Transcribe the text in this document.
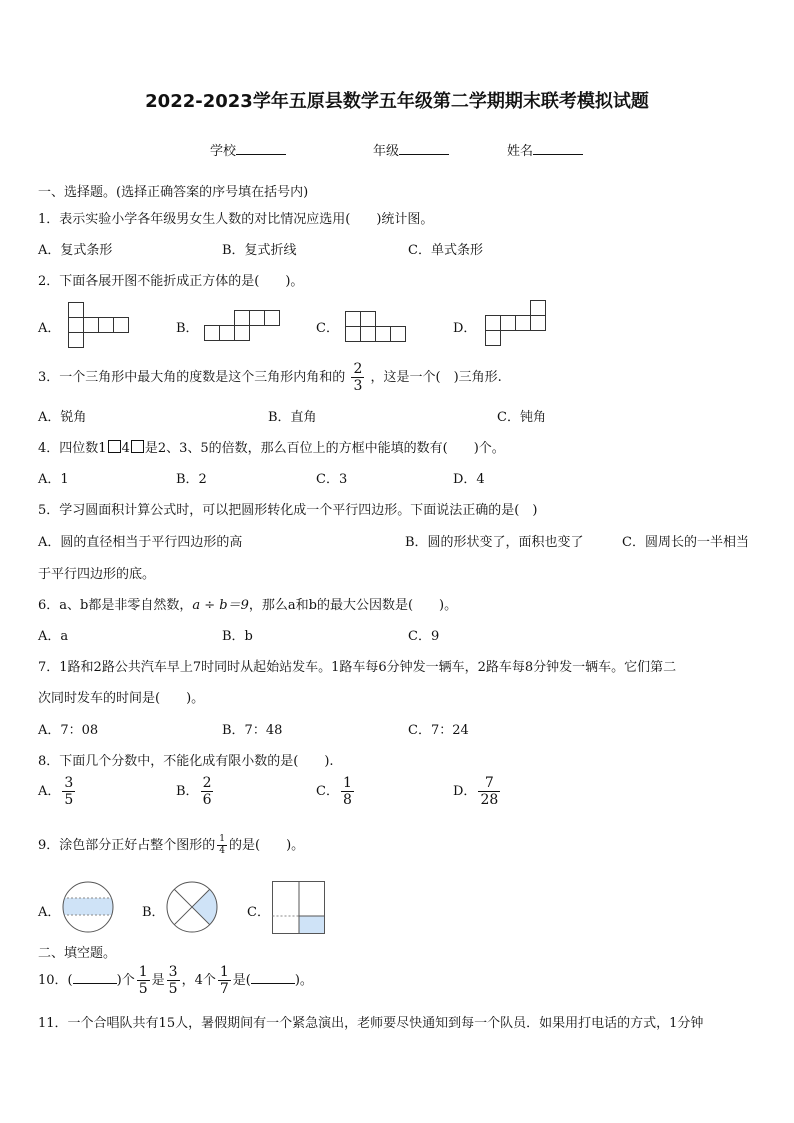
2022-2023学年五原县数学五年级第二学期期末联考模拟试题
学校	年级	姓名
一、选择题。(选择正确答案的序号填在括号内)
1．表示实验小学各年级男女生人数的对比情况应选用(　　)统计图。
A．复式条形	B．复式折线	C．单式条形
2．下面各展开图不能折成正方体的是(　　)。
A．	B．	C．	D．
3．一个三角形中最大角的度数是这个三角形内角和的 $\frac{2}{3}$ ，这是一个(　)三角形.
A．锐角	B．直角	C．钝角
4．四位数1 4 是2、3、5的倍数，那么百位上的方框中能填的数有(　　)个。
A．1	B．2	C．3	D．4
5．学习圆面积计算公式时，可以把圆形转化成一个平行四边形。下面说法正确的是(　)
A．圆的直径相当于平行四边形的高	B．圆的形状变了，面积也变了	C．圆周长的一半相当
于平行四边形的底。
6．a、b都是非零自然数，a ÷ b＝9，那么a和b的最大公因数是(　　)。
A．a	B．b	C．9
7．1路和2路公共汽车早上7时同时从起始站发车。1路车每6分钟发一辆车，2路车每8分钟发一辆车。它们第二
次同时发车的时间是(　　)。
A．7：08	B．7：48	C．7：24
8．下面几个分数中，不能化成有限小数的是(　　).
A． $\frac{3}{5}$	B． $\frac{2}{6}$	C． $\frac{1}{8}$	D． $\frac{7}{28}$
9．涂色部分正好占整个图形的 $\frac{1}{4}$ 的是(　　)。
A．	B．	C．
二、填空题。
10．(	)个 $\frac{1}{5}$ 是 $\frac{3}{5}$ ，4个 $\frac{1}{7}$ 是(	)。
11．一个合唱队共有15人，暑假期间有一个紧急演出，老师要尽快通知到每一个队员．如果用打电话的方式，1分钟
